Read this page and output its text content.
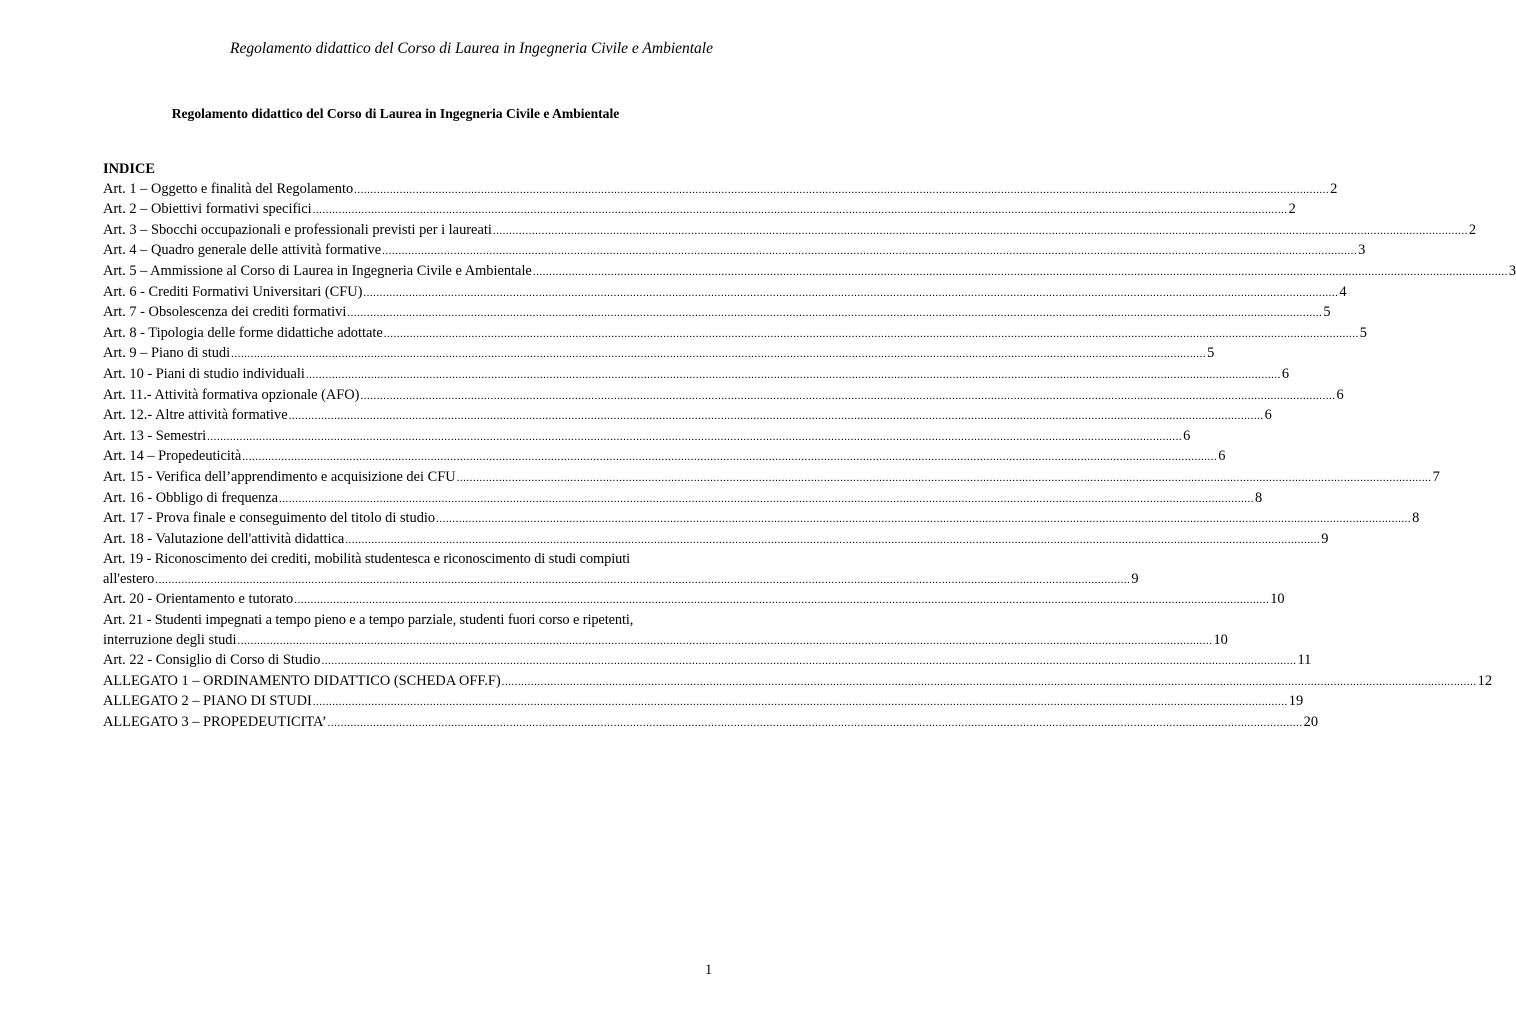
Regolamento didattico del Corso di Laurea in Ingegneria Civile e Ambientale
Regolamento didattico del Corso di Laurea in Ingegneria Civile e Ambientale
INDICE
Art. 1 – Oggetto e finalità del Regolamento ............................................................................................................................................................................................................................................................................................................ 2
Art. 2 – Obiettivi formativi specifici ............................................................................................................................................................................................................................................................................................................ 2
Art. 3 – Sbocchi occupazionali e professionali previsti per i laureati ............................................................................................................................................................................................................................................................................................................ 2
Art. 4 – Quadro generale delle attività formative ............................................................................................................................................................................................................................................................................................................ 3
Art. 5 – Ammissione al Corso di Laurea in Ingegneria Civile e Ambientale ............................................................................................................................................................................................................................................................................................................ 3
Art. 6 - Crediti Formativi Universitari (CFU) ............................................................................................................................................................................................................................................................................................................ 4
Art. 7 - Obsolescenza dei crediti formativi ............................................................................................................................................................................................................................................................................................................ 5
Art. 8 - Tipologia delle forme didattiche adottate ............................................................................................................................................................................................................................................................................................................ 5
Art. 9 – Piano di studi ............................................................................................................................................................................................................................................................................................................ 5
Art. 10 - Piani di studio individuali ............................................................................................................................................................................................................................................................................................................ 6
Art. 11.- Attività formativa opzionale (AFO) ............................................................................................................................................................................................................................................................................................................ 6
Art. 12.- Altre attività formative ............................................................................................................................................................................................................................................................................................................ 6
Art. 13 - Semestri ............................................................................................................................................................................................................................................................................................................ 6
Art. 14 – Propedeuticità ............................................................................................................................................................................................................................................................................................................ 6
Art. 15 - Verifica dell’apprendimento e acquisizione dei CFU ............................................................................................................................................................................................................................................................................................................ 7
Art. 16 - Obbligo di frequenza ............................................................................................................................................................................................................................................................................................................ 8
Art. 17 - Prova finale e conseguimento del titolo di studio ............................................................................................................................................................................................................................................................................................................ 8
Art. 18 - Valutazione dell'attività didattica ............................................................................................................................................................................................................................................................................................................ 9
Art. 19 - Riconoscimento dei crediti, mobilità studentesca e riconoscimento di studi compiuti
all'estero ............................................................................................................................................................................................................................................................................................................ 9
Art. 20 - Orientamento e tutorato ............................................................................................................................................................................................................................................................................................................ 10
Art. 21 - Studenti impegnati a tempo pieno e a tempo parziale, studenti fuori corso e ripetenti,
interruzione degli studi ............................................................................................................................................................................................................................................................................................................ 10
Art. 22 - Consiglio di Corso di Studio ............................................................................................................................................................................................................................................................................................................ 11
ALLEGATO 1 – ORDINAMENTO DIDATTICO (SCHEDA OFF.F) ............................................................................................................................................................................................................................................................................................................ 12
ALLEGATO 2 – PIANO DI STUDI ............................................................................................................................................................................................................................................................................................................ 19
ALLEGATO 3 – PROPEDEUTICITA’ ............................................................................................................................................................................................................................................................................................................ 20
1
